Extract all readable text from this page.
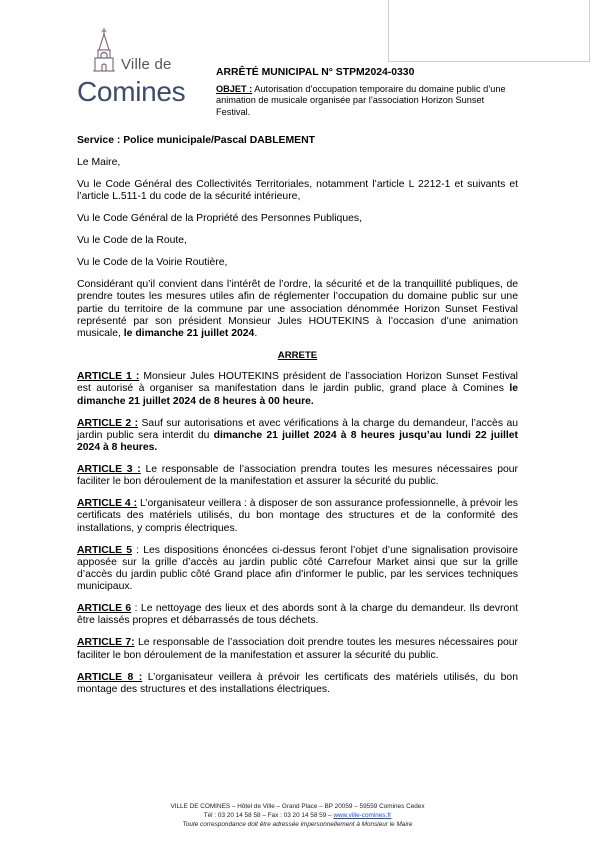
Ville de
Comines
ARRÊTÉ MUNICIPAL N° STPM2024-0330
OBJET : Autorisation d’occupation temporaire du domaine public d’une animation de musicale organisée par l’association Horizon Sunset Festival.

Service : Police municipale/Pascal DABLEMENT

Le Maire,

Vu le Code Général des Collectivités Territoriales, notamment l’article L 2212-1 et suivants et l’article L.511-1 du code de la sécurité intérieure,

Vu le Code Général de la Propriété des Personnes Publiques,

Vu le Code de la Route,

Vu le Code de la Voirie Routière,

Considérant qu’il convient dans l’intérêt de l’ordre, la sécurité et de la tranquillité publiques, de prendre toutes les mesures utiles afin de réglementer l’occupation du domaine public sur une partie du territoire de la commune par une association dénommée Horizon Sunset Festival représenté par son président Monsieur Jules HOUTEKINS à l’occasion d’une animation musicale, le dimanche 21 juillet 2024.

ARRETE

ARTICLE 1 : Monsieur Jules HOUTEKINS président de l’association Horizon Sunset Festival est autorisé à organiser sa manifestation dans le jardin public, grand place à Comines le dimanche 21 juillet 2024 de 8 heures à 00 heure.

ARTICLE 2 : Sauf sur autorisations et avec vérifications à la charge du demandeur, l’accès au jardin public sera interdit du dimanche 21 juillet 2024 à 8 heures jusqu’au lundi 22 juillet 2024 à 8 heures.

ARTICLE 3 : Le responsable de l’association prendra toutes les mesures nécessaires pour faciliter le bon déroulement de la manifestation et assurer la sécurité du public.

ARTICLE 4 : L’organisateur veillera : à disposer de son assurance professionnelle, à prévoir les certificats des matériels utilisés, du bon montage des structures et de la conformité des installations, y compris électriques.

ARTICLE 5 : Les dispositions énoncées ci-dessus feront l’objet d’une signalisation provisoire apposée sur la grille d’accès au jardin public côté Carrefour Market ainsi que sur la grille d’accès du jardin public côté Grand place afin d’informer le public, par les services techniques municipaux.

ARTICLE 6 : Le nettoyage des lieux et des abords sont à la charge du demandeur. Ils devront être laissés propres et débarrassés de tous déchets.

ARTICLE 7: Le responsable de l’association doit prendre toutes les mesures nécessaires pour faciliter le bon déroulement de la manifestation et assurer la sécurité du public.

ARTICLE 8 : L’organisateur veillera à prévoir les certificats des matériels utilisés, du bon montage des structures et des installations électriques.

VILLE DE COMINES – Hôtel de Ville – Grand Place – BP 20059 – 59559 Comines Cedex
Tél : 03 20 14 58 58 – Fax : 03 20 14 58 59 – www.ville-comines.fr
Toute correspondance doit être adressée impersonnellement à Monsieur le Maire
